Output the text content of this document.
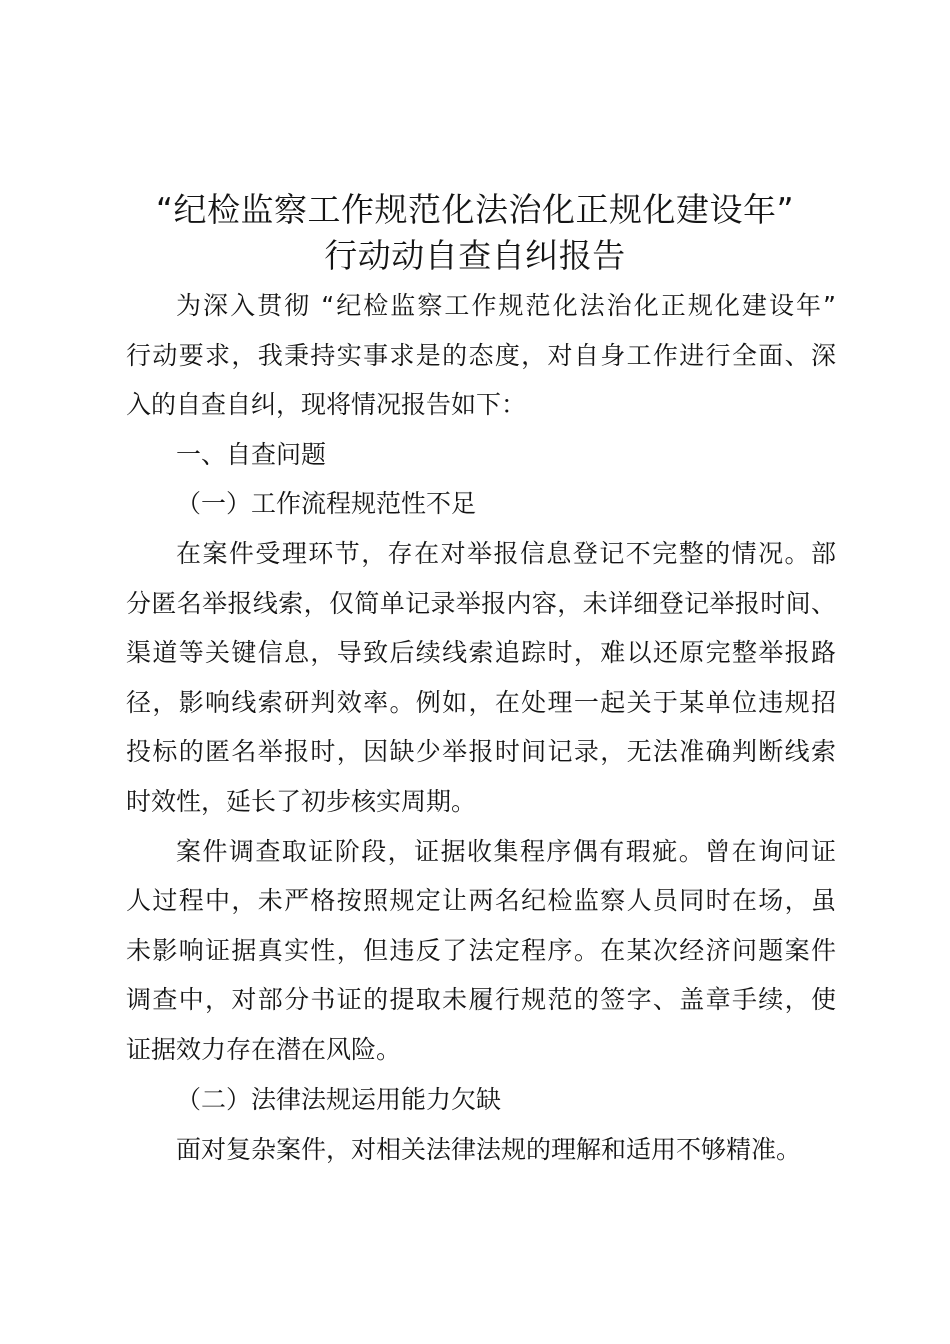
“纪检监察工作规范化法治化正规化建设年”
行动动自查自纠报告

为深入贯彻 “纪检监察工作规范化法治化正规化建设年”

行动要求，我秉持实事求是的态度，对自身工作进行全面、深

入的自查自纠，现将情况报告如下：

一、自查问题

（一）工作流程规范性不足

在案件受理环节，存在对举报信息登记不完整的情况。部

分匿名举报线索，仅简单记录举报内容，未详细登记举报时间、

渠道等关键信息，导致后续线索追踪时，难以还原完整举报路

径，影响线索研判效率。例如，在处理一起关于某单位违规招

投标的匿名举报时，因缺少举报时间记录，无法准确判断线索

时效性，延长了初步核实周期。

案件调查取证阶段，证据收集程序偶有瑕疵。曾在询问证

人过程中，未严格按照规定让两名纪检监察人员同时在场，虽

未影响证据真实性，但违反了法定程序。在某次经济问题案件

调查中，对部分书证的提取未履行规范的签字、盖章手续，使

证据效力存在潜在风险。

（二）法律法规运用能力欠缺

面对复杂案件，对相关法律法规的理解和适用不够精准。
